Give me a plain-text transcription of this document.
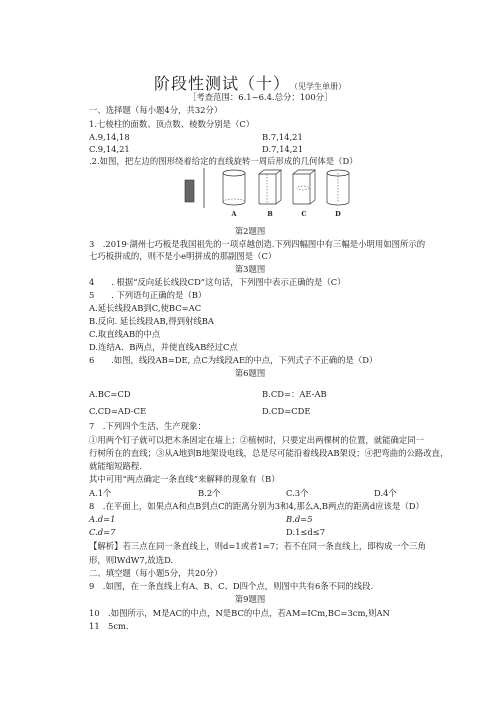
阶段性测试（十） （见学生单册）
［考查范围：6.1~6.4.总分：100分］
一、选择题（每小题4分，共32分）
1.七棱柱的面数、顶点数、棱数分别是（C）
A.9,14,18	B.7,14,21
C.9,14,21	D.7,14,21
.2.如图，把左边的图形绕着给定的直线旋转一周后形成的几何体是（D）
A	B	C	D
第2题图
3　.2019·湖州七巧板是我国祖先的一项卓越创造.下列四幅图中有三幅是小明用如图所示的
七巧板拼成的，则不是小e明拼成的那副图是（C）
第3题图
4　　. 根据“反向延长线段CD”这句话，下列图中表示正确的是（C）
5　　. 下列语句正确的是（B）
A.延长线段AB到C,使BC=AC
B.反向. 延长线段AB,得到射线BA
C.取直线AB的中点
D.连结A、B两点，并使直线AB经过C点
6　　.如图，线段AB=DE, 点C为线段AE的中点，下列式子不正确的是（D）
第6题图
A.BC=CD	B.CD=：AE-AB
C.CD=AD-CE	D.CD=CDE
7　.下列四个生活、生产现象：
①用两个钉子就可以把木条固定在墙上；②植树时，只要定出两棵树的位置，就能确定同一
行树所在的直线；③从A地到B地架设电线，总是尽可能沿着线段AB架设；④把弯曲的公路改直，
就能缩短路程.
其中可用“两点确定一条直线”来解释的现象有（B）
A.1个	B.2个	C.3个	D.4个
8　.在平面上，如果点A和点B到点C的距离分别为3和4,那么A,B两点的距离d应该是（D）
A.d=1	B.d=5
C.d=7	D.1≤d≤7
【解析】若三点在同一条直线上，则d=1或者1=7；若不在同一条直线上，即构成一个三角
形，则lWdW7,故选D.
二、填空题（每小题5分，共20分）
9　.如图，在一条直线上有A、B、C、D四个点，则图中共有6条不同的线段.
第9题图
10　.如图所示，M是AC的中点，N是BC的中点，若AM=ICm,BC=3cm,则AN
11　5cm.
